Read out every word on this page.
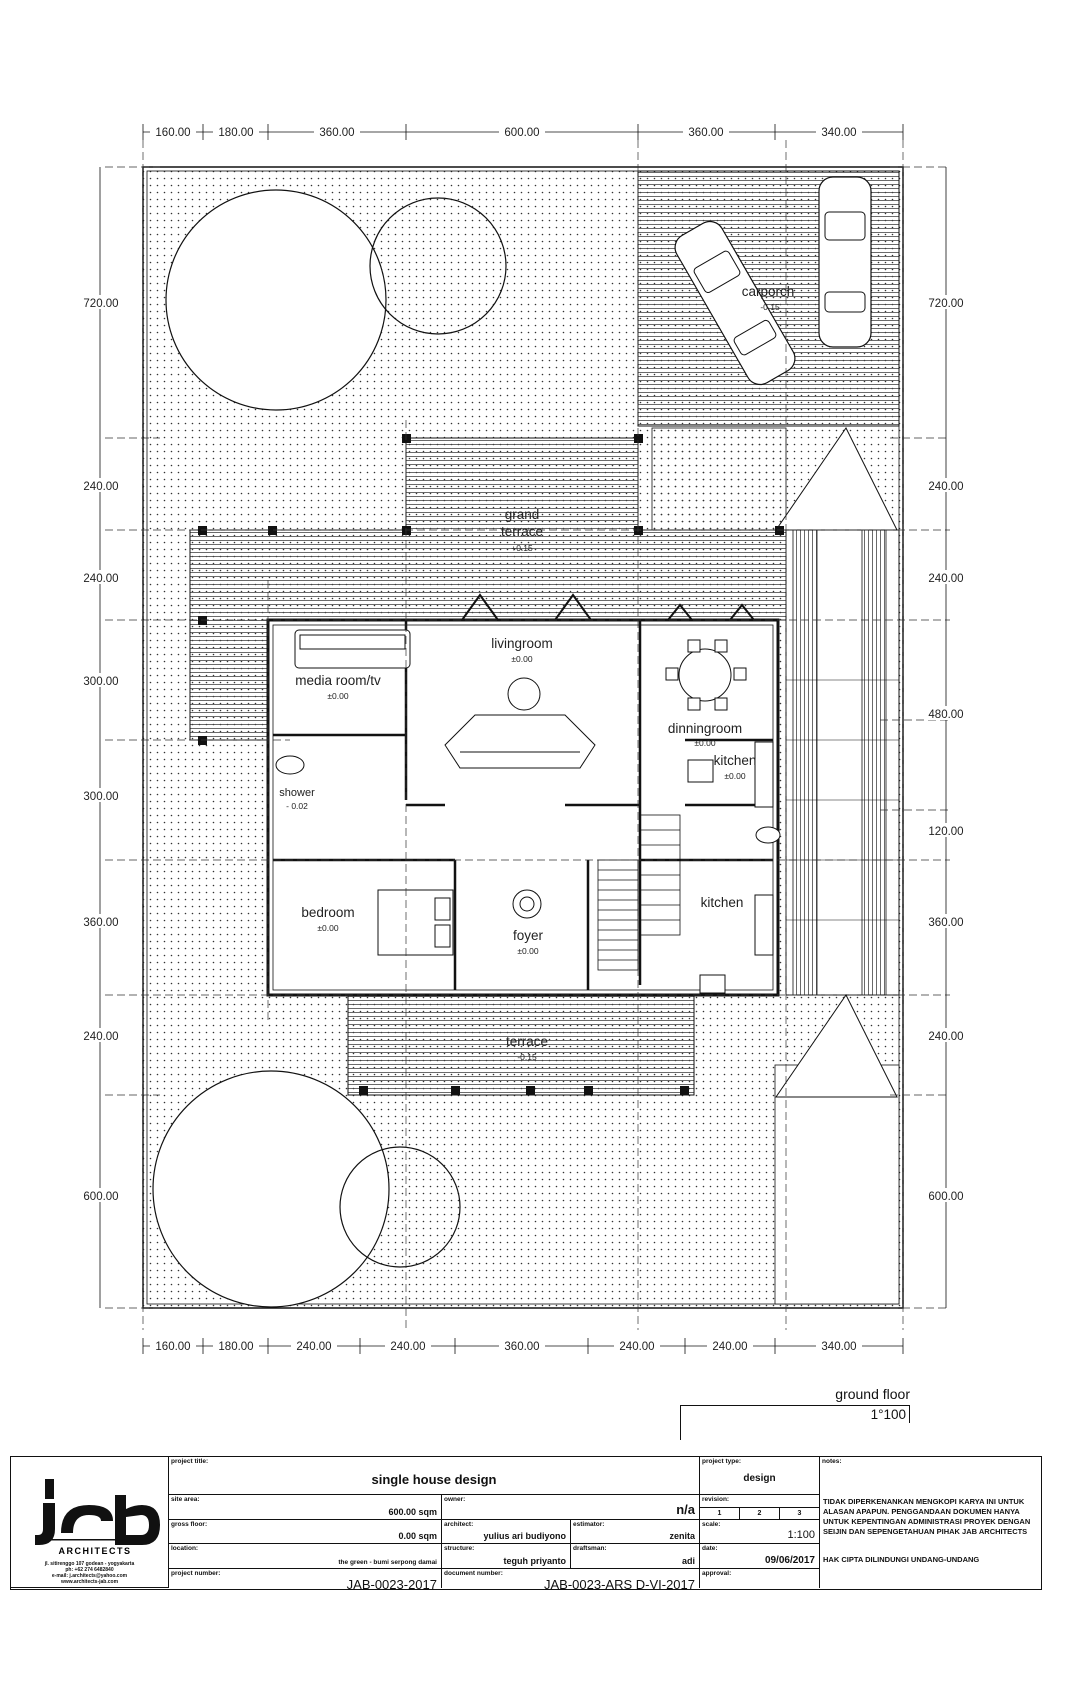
160.00 180.00	360.00	600.00	360.00	340.00
160.00 180.00	240.00	240.00	360.00	240.00	240.00	340.00
720.00
240.00
240.00
300.00
300.00
360.00
240.00
600.00
720.00
240.00
240.00
480.00
120.00
360.00
240.00
600.00
carporch
-0.15
grand
terrace
+0.15
media room/tv
±0.00
livingroom
±0.00
dinningroom
±0.00
kitchen
±0.00
shower
- 0.02
bedroom
±0.00	foyer
±0.00
kitchen
terrace
-0.15
ground floor
1°100
ARCHITECTS
jl. sitirenggo 107 godean - yogyakarta
ph: +62 274 6482840
e-mail: j.architects@yahoo.com
www.architects-jab.com
project title:
single house design
project type:
design
notes:
TIDAK DIPERKENANKAN MENGKOPI KARYA INI UNTUK ALASAN APAPUN. PENGGANDAAN DOKUMEN HANYA UNTUK KEPENTINGAN ADMINISTRASI PROYEK DENGAN SEIJIN DAN SEPENGETAHUAN PIHAK JAB ARCHITECTS
HAK CIPTA DILINDUNGI UNDANG-UNDANG
site area:
600.00 sqm
owner:
n/a
revision:
1	2	3
gross floor:
0.00 sqm
architect:
yulius ari budiyono
estimator:
zenita
scale:
1:100
location:
the green - bumi serpong damai
structure:
teguh priyanto
draftsman:
adi
date:
09/06/2017
project number:
JAB-0023-2017
document number:
JAB-0023-ARS D-VI-2017
approval:
